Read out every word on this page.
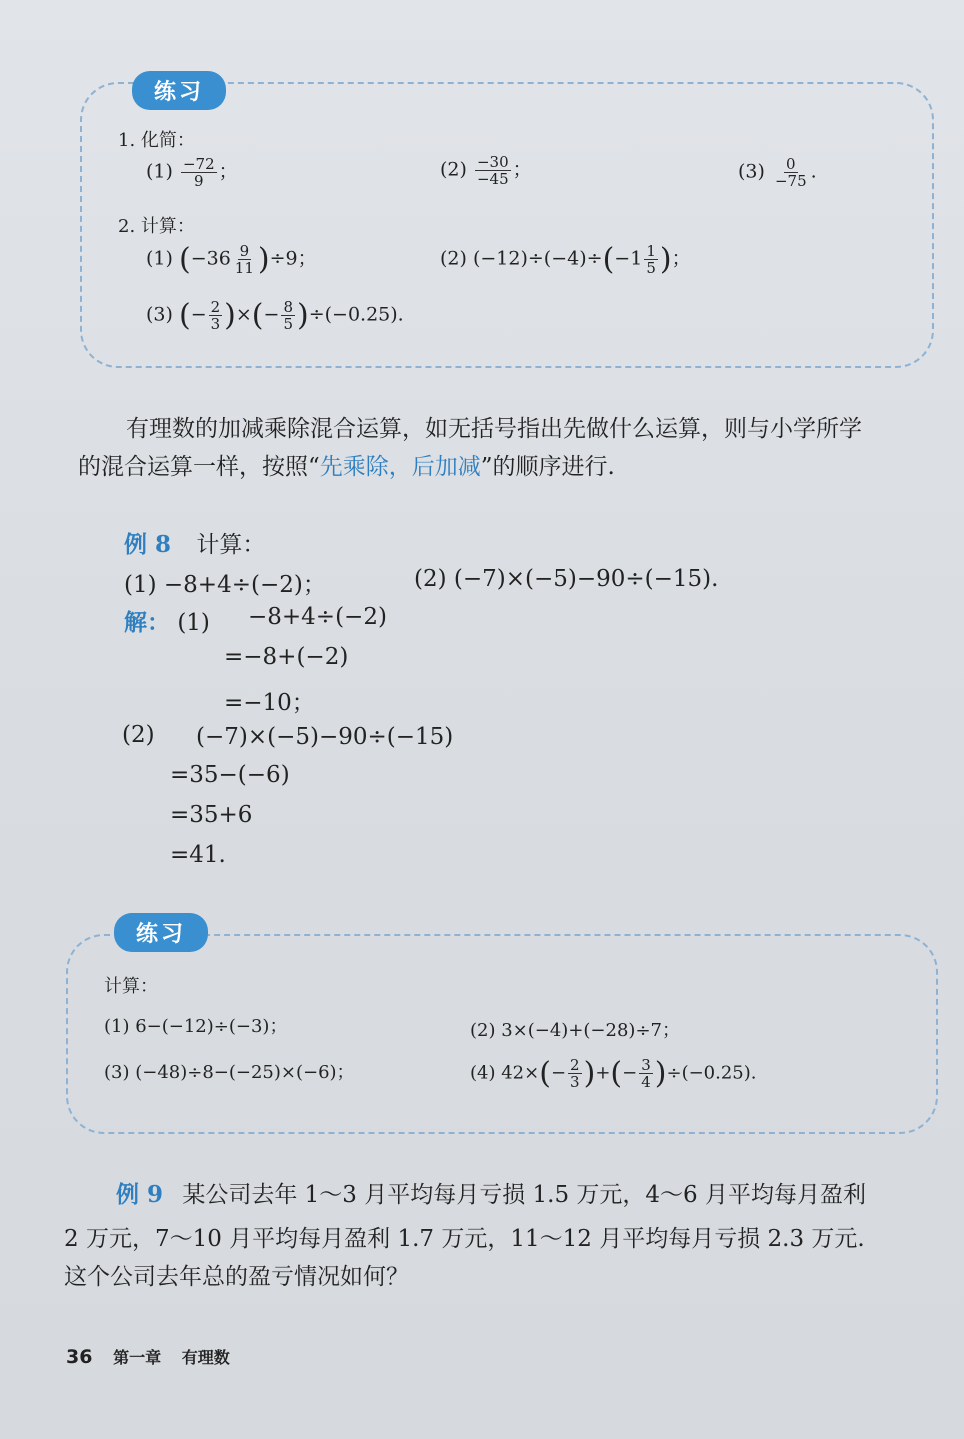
练习
1. 化简：
$(1) \frac{-72}{9}$ ；	$(2) \frac{-30}{-45}$ ；	$(3) \frac{0}{-75}$ .
2. 计算：
(1) $(-36 \frac{9}{11} )\div 9$；	(2) $(-12)\div(-4)\div(-1 \frac{1}{5}$ )；
(3) (− $\frac{2}{3}$ )×(− $\frac{8}{5} )\div(-0.25)$.
有理数的加减乘除混合运算，如无括号指出先做什么运算，则与小学所学
的混合运算一样，按照“先乘除，后加减”的顺序进行.
例 8 计算：
(1) −8+4÷(−2)；	(2) (−7)×(−5)−90÷(−15).
解： (1) −8+4÷(−2)
=−8+(−2)
=−10；
(2) (−7)×(−5)−90÷(−15)
=35−(−6)
=35+6
=41.
练习
计算：
(1) 6−(−12)÷(−3)；	(2) 3×(−4)+(−28)÷7；
(3) (−48)÷8−(−25)×(−6)；	(4) $42\times(- \frac{2}{3}$ )+(− $\frac{3}{4} )\div(-0.25)$.
例 9 某公司去年 1～3 月平均每月亏损 1.5 万元，4～6 月平均每月盈利
2 万元，7～10 月平均每月盈利 1.7 万元，11～12 月平均每月亏损 2.3 万元.
这个公司去年总的盈亏情况如何？
36 第一章 有理数
